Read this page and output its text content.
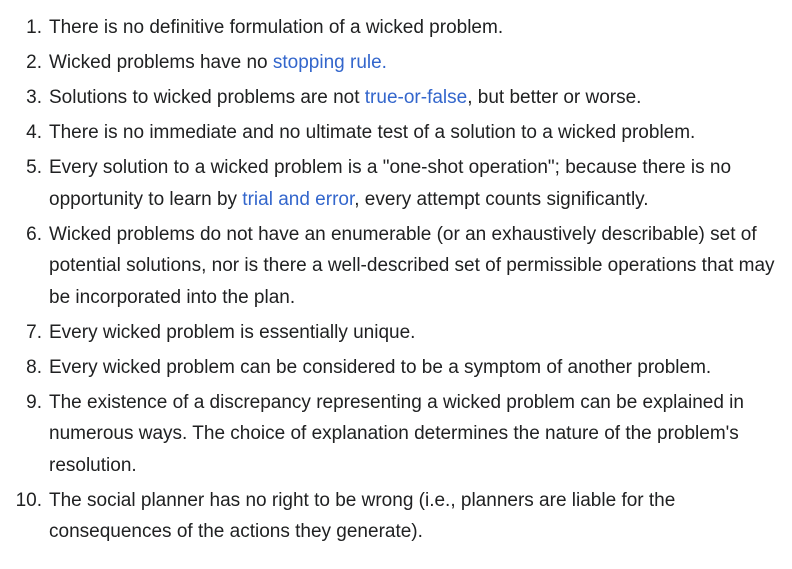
1. There is no definitive formulation of a wicked problem.
2. Wicked problems have no stopping rule.
3. Solutions to wicked problems are not true-or-false, but better or worse.
4. There is no immediate and no ultimate test of a solution to a wicked problem.
5. Every solution to a wicked problem is a "one-shot operation"; because there is no opportunity to learn by trial and error, every attempt counts significantly.
6. Wicked problems do not have an enumerable (or an exhaustively describable) set of potential solutions, nor is there a well-described set of permissible operations that may be incorporated into the plan.
7. Every wicked problem is essentially unique.
8. Every wicked problem can be considered to be a symptom of another problem.
9. The existence of a discrepancy representing a wicked problem can be explained in numerous ways. The choice of explanation determines the nature of the problem's resolution.
10. The social planner has no right to be wrong (i.e., planners are liable for the consequences of the actions they generate).
